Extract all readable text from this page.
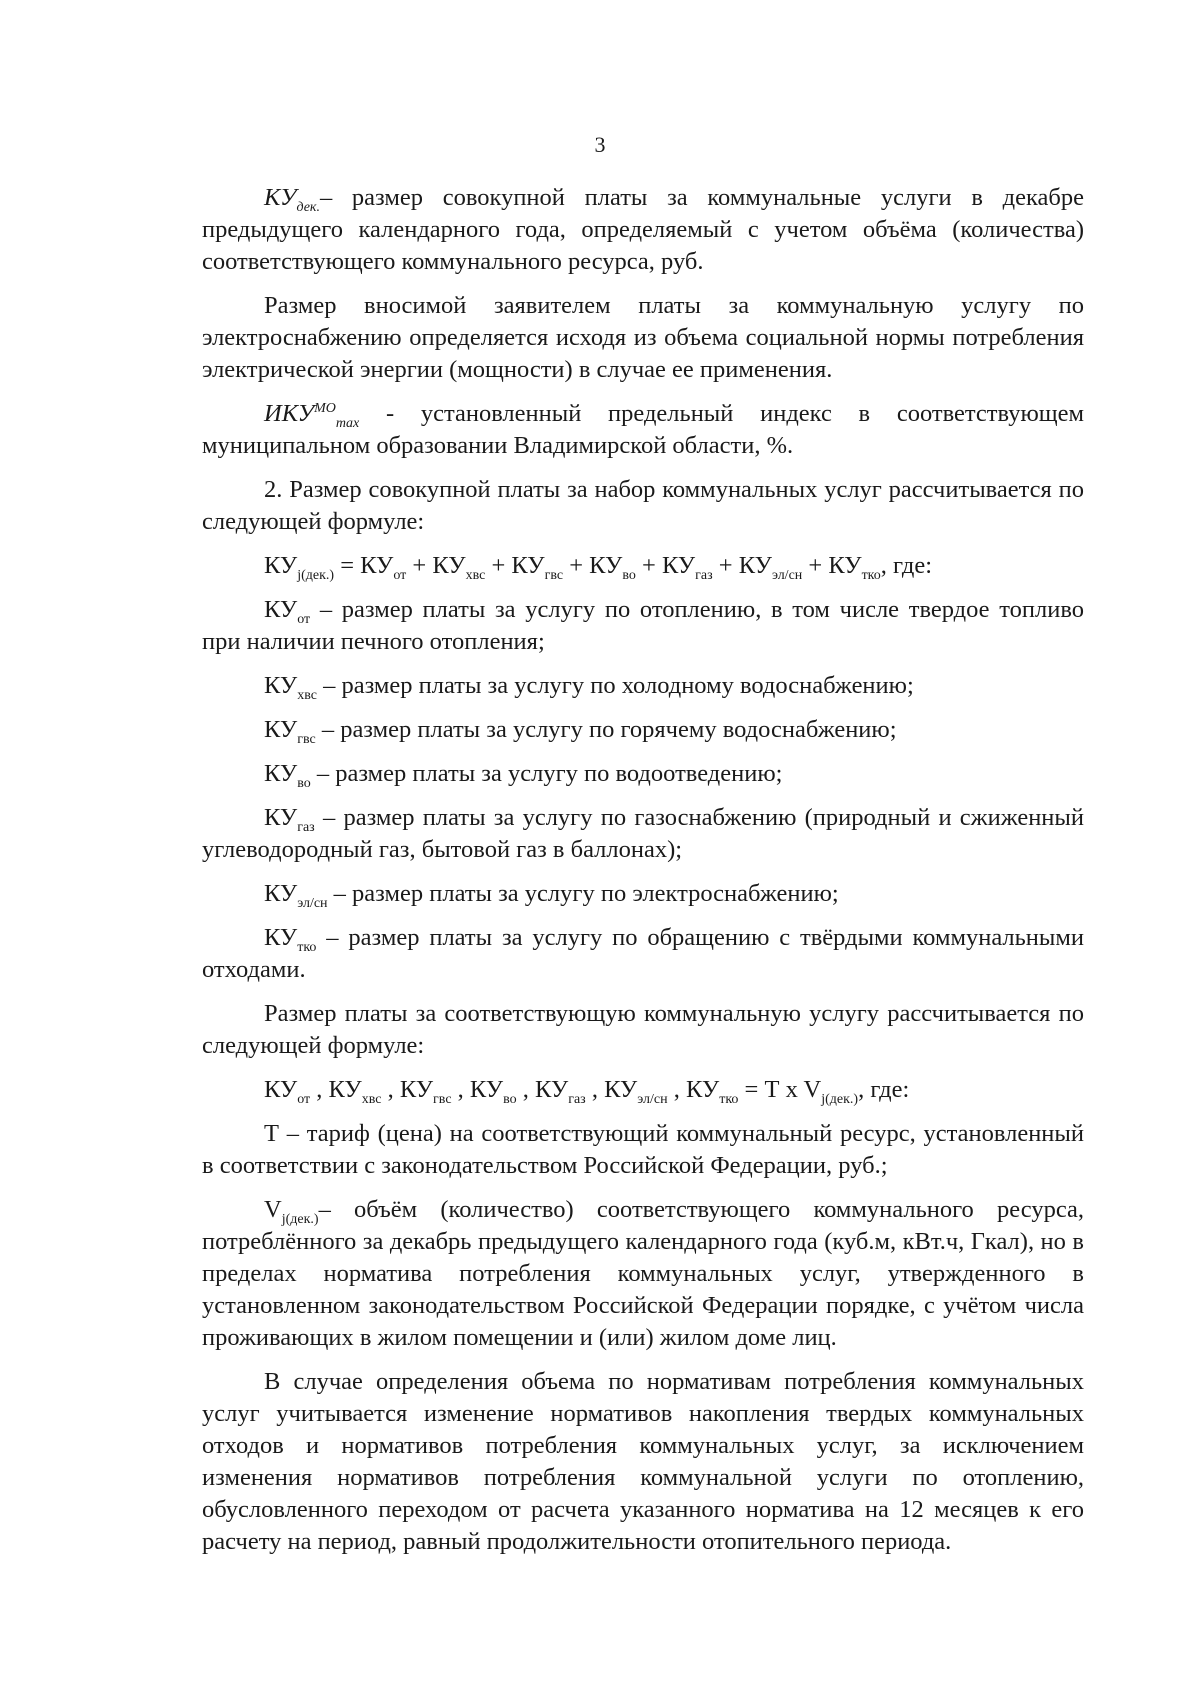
3

$КУ_{дек.}-$ размер совокупной платы за коммунальные услуги в декабре предыдущего календарного года, определяемый с учетом объёма (количества) соответствующего коммунального ресурса, руб.

Размер вносимой заявителем платы за коммунальную услугу по электроснабжению определяется исходя из объема социальной нормы потребления электрической энергии (мощности) в случае ее применения.

$ИКУ^{МО}_{max}$ - установленный предельный индекс в соответствующем муниципальном образовании Владимирской области, %.

2. Размер совокупной платы за набор коммунальных услуг рассчитывается по следующей формуле:

$КУ_{j(дек.)} = КУ_{от} + КУ_{хвс} + КУ_{гвс} + КУ_{во} + КУ_{газ} + КУ_{эл/сн} + КУ_{тко}$, где:

$КУ_{от}$ – размер платы за услугу по отоплению, в том числе твердое топливо при наличии печного отопления;

$КУ_{хвс}$ – размер платы за услугу по холодному водоснабжению;

$КУ_{гвс}$ – размер платы за услугу по горячему водоснабжению;

$КУ_{во}$ – размер платы за услугу по водоотведению;

$КУ_{газ}$ – размер платы за услугу по газоснабжению (природный и сжиженный углеводородный газ, бытовой газ в баллонах);

$КУ_{эл/сн}$ – размер платы за услугу по электроснабжению;

$КУ_{тко}$ – размер платы за услугу по обращению с твёрдыми коммунальными отходами.

Размер платы за соответствующую коммунальную услугу рассчитывается по следующей формуле:

$КУ_{от}$ , $КУ_{хвс}$ , $КУ_{гвс}$ , $КУ_{во}$ , $КУ_{газ}$ , $КУ_{эл/сн}$ , $КУ_{тко} = Т$ x $V_{j(дек.)}$, где:

Т – тариф (цена) на соответствующий коммунальный ресурс, установленный в соответствии с законодательством Российской Федерации, руб.;

$V_{j(дек.)}-$ объём (количество) соответствующего коммунального ресурса, потреблённого за декабрь предыдущего календарного года (куб.м, кВт.ч, Гкал), но в пределах норматива потребления коммунальных услуг, утвержденного в установленном законодательством Российской Федерации порядке, с учётом числа проживающих в жилом помещении и (или) жилом доме лиц.

В случае определения объема по нормативам потребления коммунальных услуг учитывается изменение нормативов накопления твердых коммунальных отходов и нормативов потребления коммунальных услуг, за исключением изменения нормативов потребления коммунальной услуги по отоплению, обусловленного переходом от расчета указанного норматива на 12 месяцев к его расчету на период, равный продолжительности отопительного периода.
